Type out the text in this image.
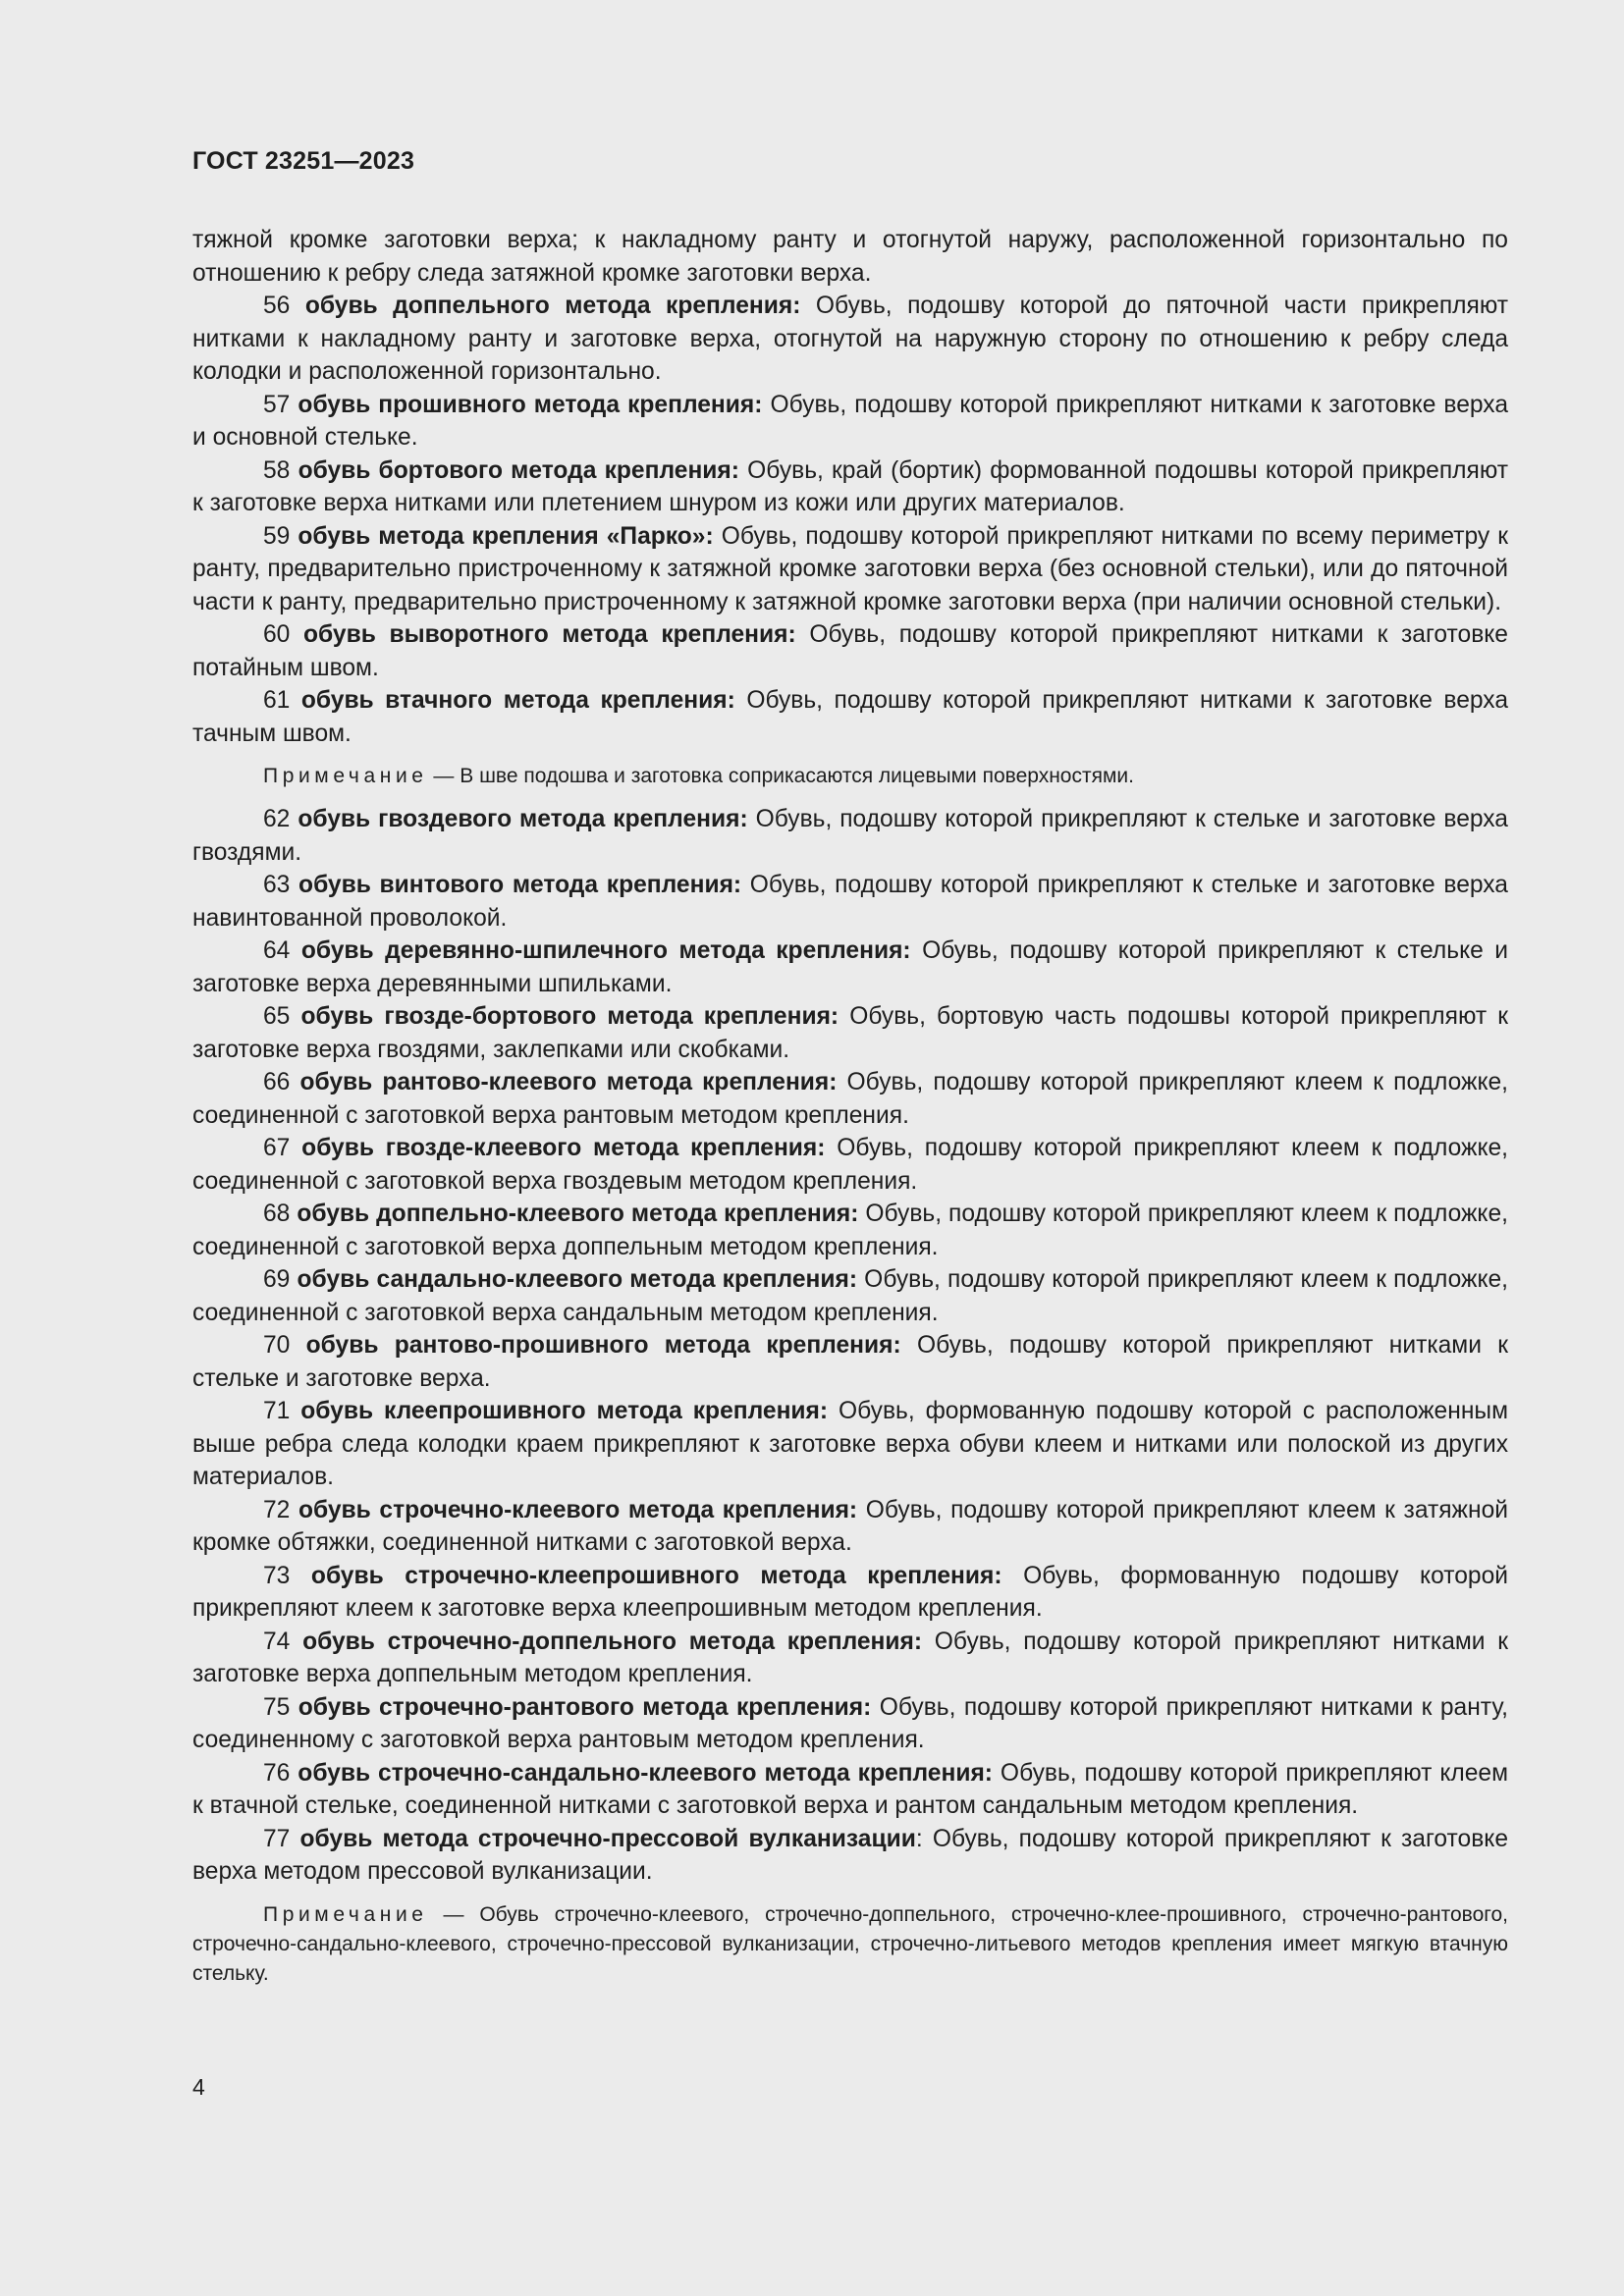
ГОСТ 23251—2023

тяжной кромке заготовки верха; к накладному ранту и отогнутой наружу, расположенной горизонтально по отношению к ребру следа затяжной кромке заготовки верха.

56 обувь доппельного метода крепления: Обувь, подошву которой до пяточной части прикрепляют нитками к накладному ранту и заготовке верха, отогнутой на наружную сторону по отношению к ребру следа колодки и расположенной горизонтально.

57 обувь прошивного метода крепления: Обувь, подошву которой прикрепляют нитками к заготовке верха и основной стельке.

58 обувь бортового метода крепления: Обувь, край (бортик) формованной подошвы которой прикрепляют к заготовке верха нитками или плетением шнуром из кожи или других материалов.

59 обувь метода крепления «Парко»: Обувь, подошву которой прикрепляют нитками по всему периметру к ранту, предварительно пристроченному к затяжной кромке заготовки верха (без основной стельки), или до пяточной части к ранту, предварительно пристроченному к затяжной кромке заготовки верха (при наличии основной стельки).

60 обувь выворотного метода крепления: Обувь, подошву которой прикрепляют нитками к заготовке потайным швом.

61 обувь втачного метода крепления: Обувь, подошву которой прикрепляют нитками к заготовке верха тачным швом.

Примечание — В шве подошва и заготовка соприкасаются лицевыми поверхностями.

62 обувь гвоздевого метода крепления: Обувь, подошву которой прикрепляют к стельке и заготовке верха гвоздями.

63 обувь винтового метода крепления: Обувь, подошву которой прикрепляют к стельке и заготовке верха навинтованной проволокой.

64 обувь деревянно-шпилечного метода крепления: Обувь, подошву которой прикрепляют к стельке и заготовке верха деревянными шпильками.

65 обувь гвозде-бортового метода крепления: Обувь, бортовую часть подошвы которой прикрепляют к заготовке верха гвоздями, заклепками или скобками.

66 обувь рантово-клеевого метода крепления: Обувь, подошву которой прикрепляют клеем к подложке, соединенной с заготовкой верха рантовым методом крепления.

67 обувь гвозде-клеевого метода крепления: Обувь, подошву которой прикрепляют клеем к подложке, соединенной с заготовкой верха гвоздевым методом крепления.

68 обувь доппельно-клеевого метода крепления: Обувь, подошву которой прикрепляют клеем к подложке, соединенной с заготовкой верха доппельным методом крепления.

69 обувь сандально-клеевого метода крепления: Обувь, подошву которой прикрепляют клеем к подложке, соединенной с заготовкой верха сандальным методом крепления.

70 обувь рантово-прошивного метода крепления: Обувь, подошву которой прикрепляют нитками к стельке и заготовке верха.

71 обувь клеепрошивного метода крепления: Обувь, формованную подошву которой с расположенным выше ребра следа колодки краем прикрепляют к заготовке верха обуви клеем и нитками или полоской из других материалов.

72 обувь строчечно-клеевого метода крепления: Обувь, подошву которой прикрепляют клеем к затяжной кромке обтяжки, соединенной нитками с заготовкой верха.

73 обувь строчечно-клеепрошивного метода крепления: Обувь, формованную подошву которой прикрепляют клеем к заготовке верха клеепрошивным методом крепления.

74 обувь строчечно-доппельного метода крепления: Обувь, подошву которой прикрепляют нитками к заготовке верха доппельным методом крепления.

75 обувь строчечно-рантового метода крепления: Обувь, подошву которой прикрепляют нитками к ранту, соединенному с заготовкой верха рантовым методом крепления.

76 обувь строчечно-сандально-клеевого метода крепления: Обувь, подошву которой прикрепляют клеем к втачной стельке, соединенной нитками с заготовкой верха и рантом сандальным методом крепления.

77 обувь метода строчечно-прессовой вулканизации: Обувь, подошву которой прикрепляют к заготовке верха методом прессовой вулканизации.

Примечание — Обувь строчечно-клеевого, строчечно-доппельного, строчечно-клее-прошивного, строчечно-рантового, строчечно-сандально-клеевого, строчечно-прессовой вулканизации, строчечно-литьевого методов крепления имеет мягкую втачную стельку.

4
